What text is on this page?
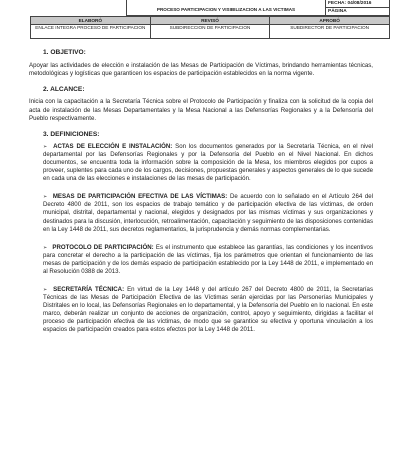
PROCESO PARTICIPACION Y VISIBILIZACION A LAS VICTIMAS
FECHA: 04/08/2016
PÁGINA
ELABORÓ	REVISÓ	APROBÓ
ENLACE INTEGRA PROCESO DE PARTICIPACION	SUBDIRECCION DE PARTICIPACION	SUBDIRECTOR DE PARTICIPACION
1. OBJETIVO:

Apoyar las actividades de elección e instalación de las Mesas de Participación de Víctimas, brindando herramientas técnicas, metodológicas y logísticas que garanticen los espacios de participación establecidos en la norma vigente.

2. ALCANCE:

Inicia con la capacitación a la Secretaría Técnica sobre el Protocolo de Participación y finaliza con la solicitud de la copia del acta de instalación de las Mesas Departamentales y la Mesa Nacional a las Defensorías Regionales y a la Defensoría del Pueblo respectivamente.

3. DEFINICIONES:

➢ ACTAS DE ELECCIÓN E INSTALACIÓN: Son los documentos generados por la Secretaría Técnica, en el nivel departamental por las Defensorías Regionales y por la Defensoría del Pueblo en el Nivel Nacional. En dichos documentos, se encuentra toda la información sobre la composición de la Mesa, los miembros elegidos por cupos a proveer, suplentes para cada uno de los cargos, decisiones, propuestas generales y aspectos generales de lo que sucede en cada una de las elecciones e instalaciones de las mesas de participación.

➢ MESAS DE PARTICIPACIÓN EFECTIVA DE LAS VÍCTIMAS: De acuerdo con lo señalado en el Artículo 264 del Decreto 4800 de 2011, son los espacios de trabajo temático y de participación efectiva de las víctimas, de orden municipal, distrital, departamental y nacional, elegidos y designados por las mismas víctimas y sus organizaciones y destinados para la discusión, interlocución, retroalimentación, capacitación y seguimiento de las disposiciones contenidas en la Ley 1448 de 2011, sus decretos reglamentarios, la jurisprudencia y demás normas complementarias.

➢ PROTOCOLO DE PARTICIPACIÓN: Es el instrumento que establece las garantías, las condiciones y los incentivos para concretar el derecho a la participación de las víctimas, fija los parámetros que orientan el funcionamiento de las mesas de participación y de los demás espacio de participación establecido por la Ley 1448 de 2011, e implementado en al Resolución 0388 de 2013.

➢ SECRETARÍA TÉCNICA: En virtud de la Ley 1448 y del artículo 267 del Decreto 4800 de 2011, la Secretarías Técnicas de las Mesas de Participación Efectiva de las Víctimas serán ejercidas por las Personerías Municipales y Distritales en lo local, las Defensorías Regionales en lo departamental, y la Defensoría del Pueblo en lo nacional. En este marco, deberán realizar un conjunto de acciones de organización, control, apoyo y seguimiento, dirigidas a facilitar el proceso de participación efectiva de las víctimas, de modo que se garantice su efectiva y oportuna vinculación a los espacios de participación creados para estos efectos por la Ley 1448 de 2011.
